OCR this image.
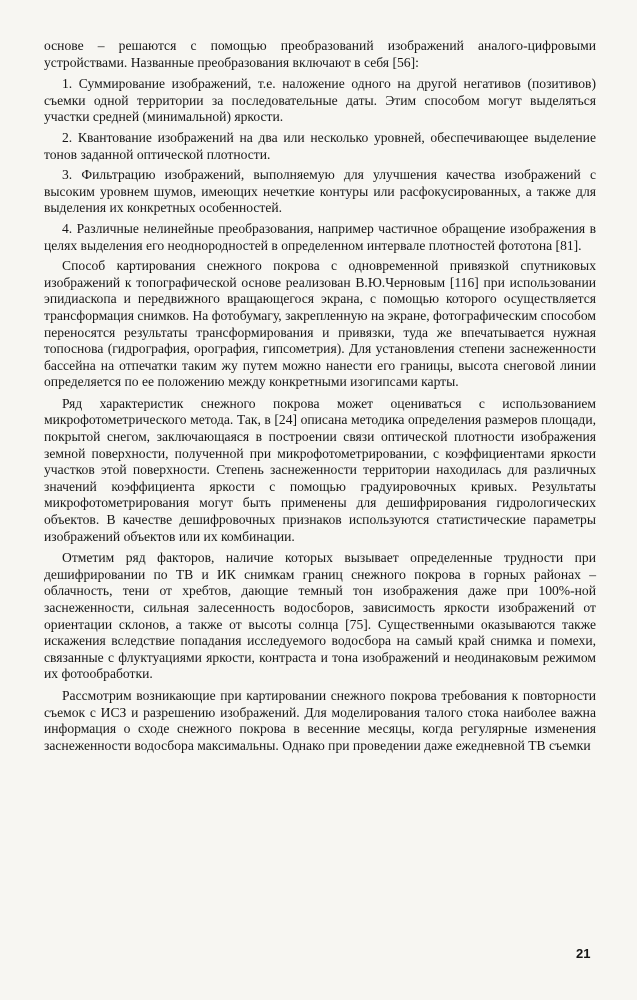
основе – решаются с помощью преобразований изображений аналого-цифровыми устройствами. Названные преобразования включают в себя [56]:

1. Суммирование изображений, т.е. наложение одного на другой негативов (позитивов) съемки одной территории за последовательные даты. Этим способом могут выделяться участки средней (минимальной) яркости.

2. Квантование изображений на два или несколько уровней, обеспечивающее выделение тонов заданной оптической плотности.

3. Фильтрацию изображений, выполняемую для улучшения качества изображений с высоким уровнем шумов, имеющих нечеткие контуры или расфокусированных, а также для выделения их конкретных особенностей.

4. Различные нелинейные преобразования, например частичное обращение изображения в целях выделения его неоднородностей в определенном интервале плотностей фототона [81].

Способ картирования снежного покрова с одновременной привязкой спутниковых изображений к топографической основе реализован В.Ю.Черновым [116] при использовании эпидиаскопа и передвижного вращающегося экрана, с помощью которого осуществляется трансформация снимков. На фотобумагу, закрепленную на экране, фотографическим способом переносятся результаты трансформирования и привязки, туда же впечатывается нужная топоснова (гидрография, орография, гипсометрия). Для установления степени заснеженности бассейна на отпечатки таким жу путем можно нанести его границы, высота снеговой линии определяется по ее положению между конкретными изогипсами карты.

Ряд характеристик снежного покрова может оцениваться с использованием микрофотометрического метода. Так, в [24] описана методика определения размеров площади, покрытой снегом, заключающаяся в построении связи оптической плотности изображения земной поверхности, полученной при микрофотометрировании, с коэффициентами яркости участков этой поверхности. Степень заснеженности территории находилась для различных значений коэффициента яркости с помощью градуировочных кривых. Результаты микрофотометрирования могут быть применены для дешифрирования гидрологических объектов. В качестве дешифровочных признаков используются статистические параметры изображений объектов или их комбинации.

Отметим ряд факторов, наличие которых вызывает определенные трудности при дешифрировании по ТВ и ИК снимкам границ снежного покрова в горных районах – облачность, тени от хребтов, дающие темный тон изображения даже при 100%-ной заснеженности, сильная залесенность водосборов, зависимость яркости изображений от ориентации склонов, а также от высоты солнца [75]. Существенными оказываются также искажения вследствие попадания исследуемого водосбора на самый край снимка и помехи, связанные с флуктуациями яркости, контраста и тона изображений и неодинаковым режимом их фотообработки.

Рассмотрим возникающие при картировании снежного покрова требования к повторности съемок с ИСЗ и разрешению изображений. Для моделирования талого стока наиболее важна информация о сходе снежного покрова в весенние месяцы, когда регулярные изменения заснеженности водосбора максимальны. Однако при проведении даже ежедневной ТВ съемки

21
